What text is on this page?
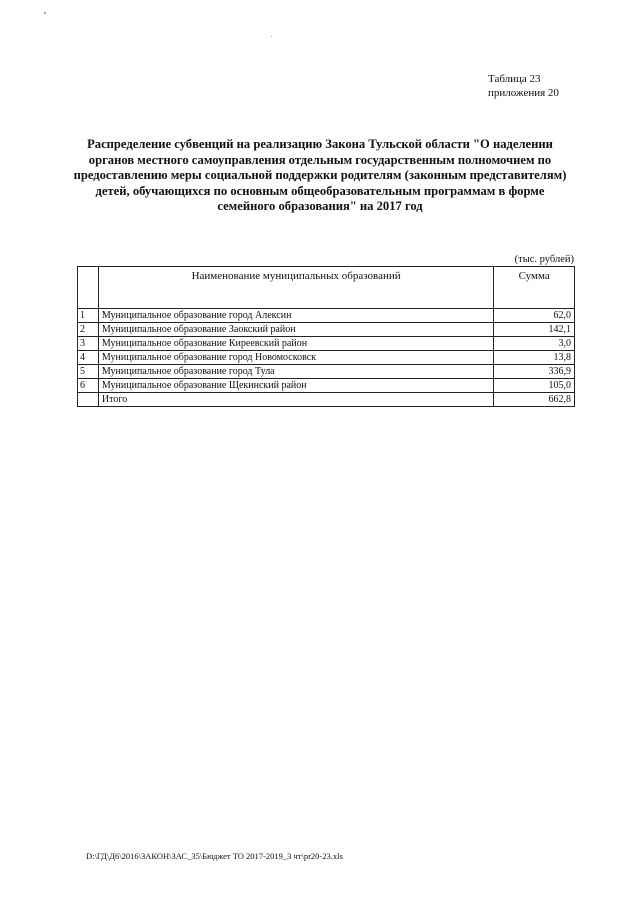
Таблица 23
приложения 20
Распределение субвенций на реализацию Закона Тульской области "О наделении
органов местного самоуправления отдельным государственным полномочием по
предоставлению меры социальной поддержки родителям (законным представителям)
детей, обучающихся по основным общеобразовательным программам в форме
семейного образования" на 2017 год
(тыс. рублей)
	Наименование муниципальных образований	Сумма
1	Муниципальное образование город Алексин	62,0
2	Муниципальное образование Заокский район	142,1
3	Муниципальное образование Киреевский район	3,0
4	Муниципальное образование город Новомосковск	13,8
5	Муниципальное образование город Тула	336,9
6	Муниципальное образование Щекинский район	105,0
	Итого	662,8
D:\ГД\Д6\2016\ЗАКОН\ЗАС_35\Бюджет ТО 2017-2019_3 чт\pr20-23.xls
